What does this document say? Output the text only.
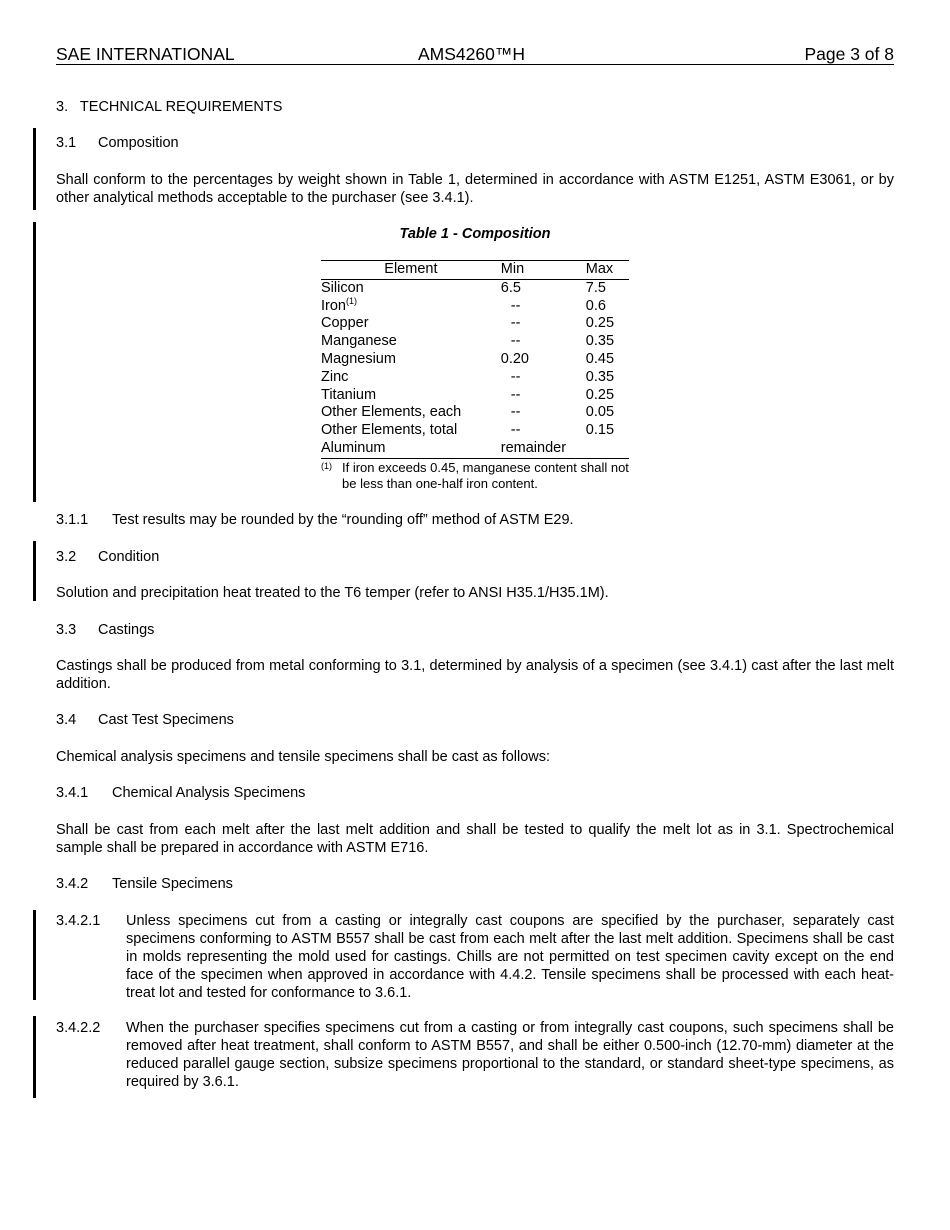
SAE INTERNATIONAL	AMS4260™H	Page 3 of 8
3.   TECHNICAL REQUIREMENTS
3.1 Composition
Shall conform to the percentages by weight shown in Table 1, determined in accordance with ASTM E1251, ASTM E3061, or by other analytical methods acceptable to the purchaser (see 3.4.1).
Table 1 - Composition
Element	Min	Max
Silicon	6.5	7.5
Iron$^{(1)}$	--	0.6
Copper	--	0.25
Manganese	--	0.35
Magnesium	0.20	0.45
Zinc	--	0.35
Titanium	--	0.25
Other Elements, each	--	0.05
Other Elements, total	--	0.15
Aluminum	remainder	
(1) If iron exceeds 0.45, manganese content shall not be less than one-half iron content.
3.1.1 Test results may be rounded by the “rounding off” method of ASTM E29.
3.2 Condition
Solution and precipitation heat treated to the T6 temper (refer to ANSI H35.1/H35.1M).
3.3 Castings
Castings shall be produced from metal conforming to 3.1, determined by analysis of a specimen (see 3.4.1) cast after the last melt addition.
3.4 Cast Test Specimens
Chemical analysis specimens and tensile specimens shall be cast as follows:
3.4.1 Chemical Analysis Specimens
Shall be cast from each melt after the last melt addition and shall be tested to qualify the melt lot as in 3.1. Spectrochemical sample shall be prepared in accordance with ASTM E716.
3.4.2 Tensile Specimens
3.4.2.1 Unless specimens cut from a casting or integrally cast coupons are specified by the purchaser, separately cast specimens conforming to ASTM B557 shall be cast from each melt after the last melt addition. Specimens shall be cast in molds representing the mold used for castings. Chills are not permitted on test specimen cavity except on the end face of the specimen when approved in accordance with 4.4.2. Tensile specimens shall be processed with each heat-treat lot and tested for conformance to 3.6.1.
3.4.2.2 When the purchaser specifies specimens cut from a casting or from integrally cast coupons, such specimens shall be removed after heat treatment, shall conform to ASTM B557, and shall be either 0.500-inch (12.70-mm) diameter at the reduced parallel gauge section, subsize specimens proportional to the standard, or standard sheet-type specimens, as required by 3.6.1.
